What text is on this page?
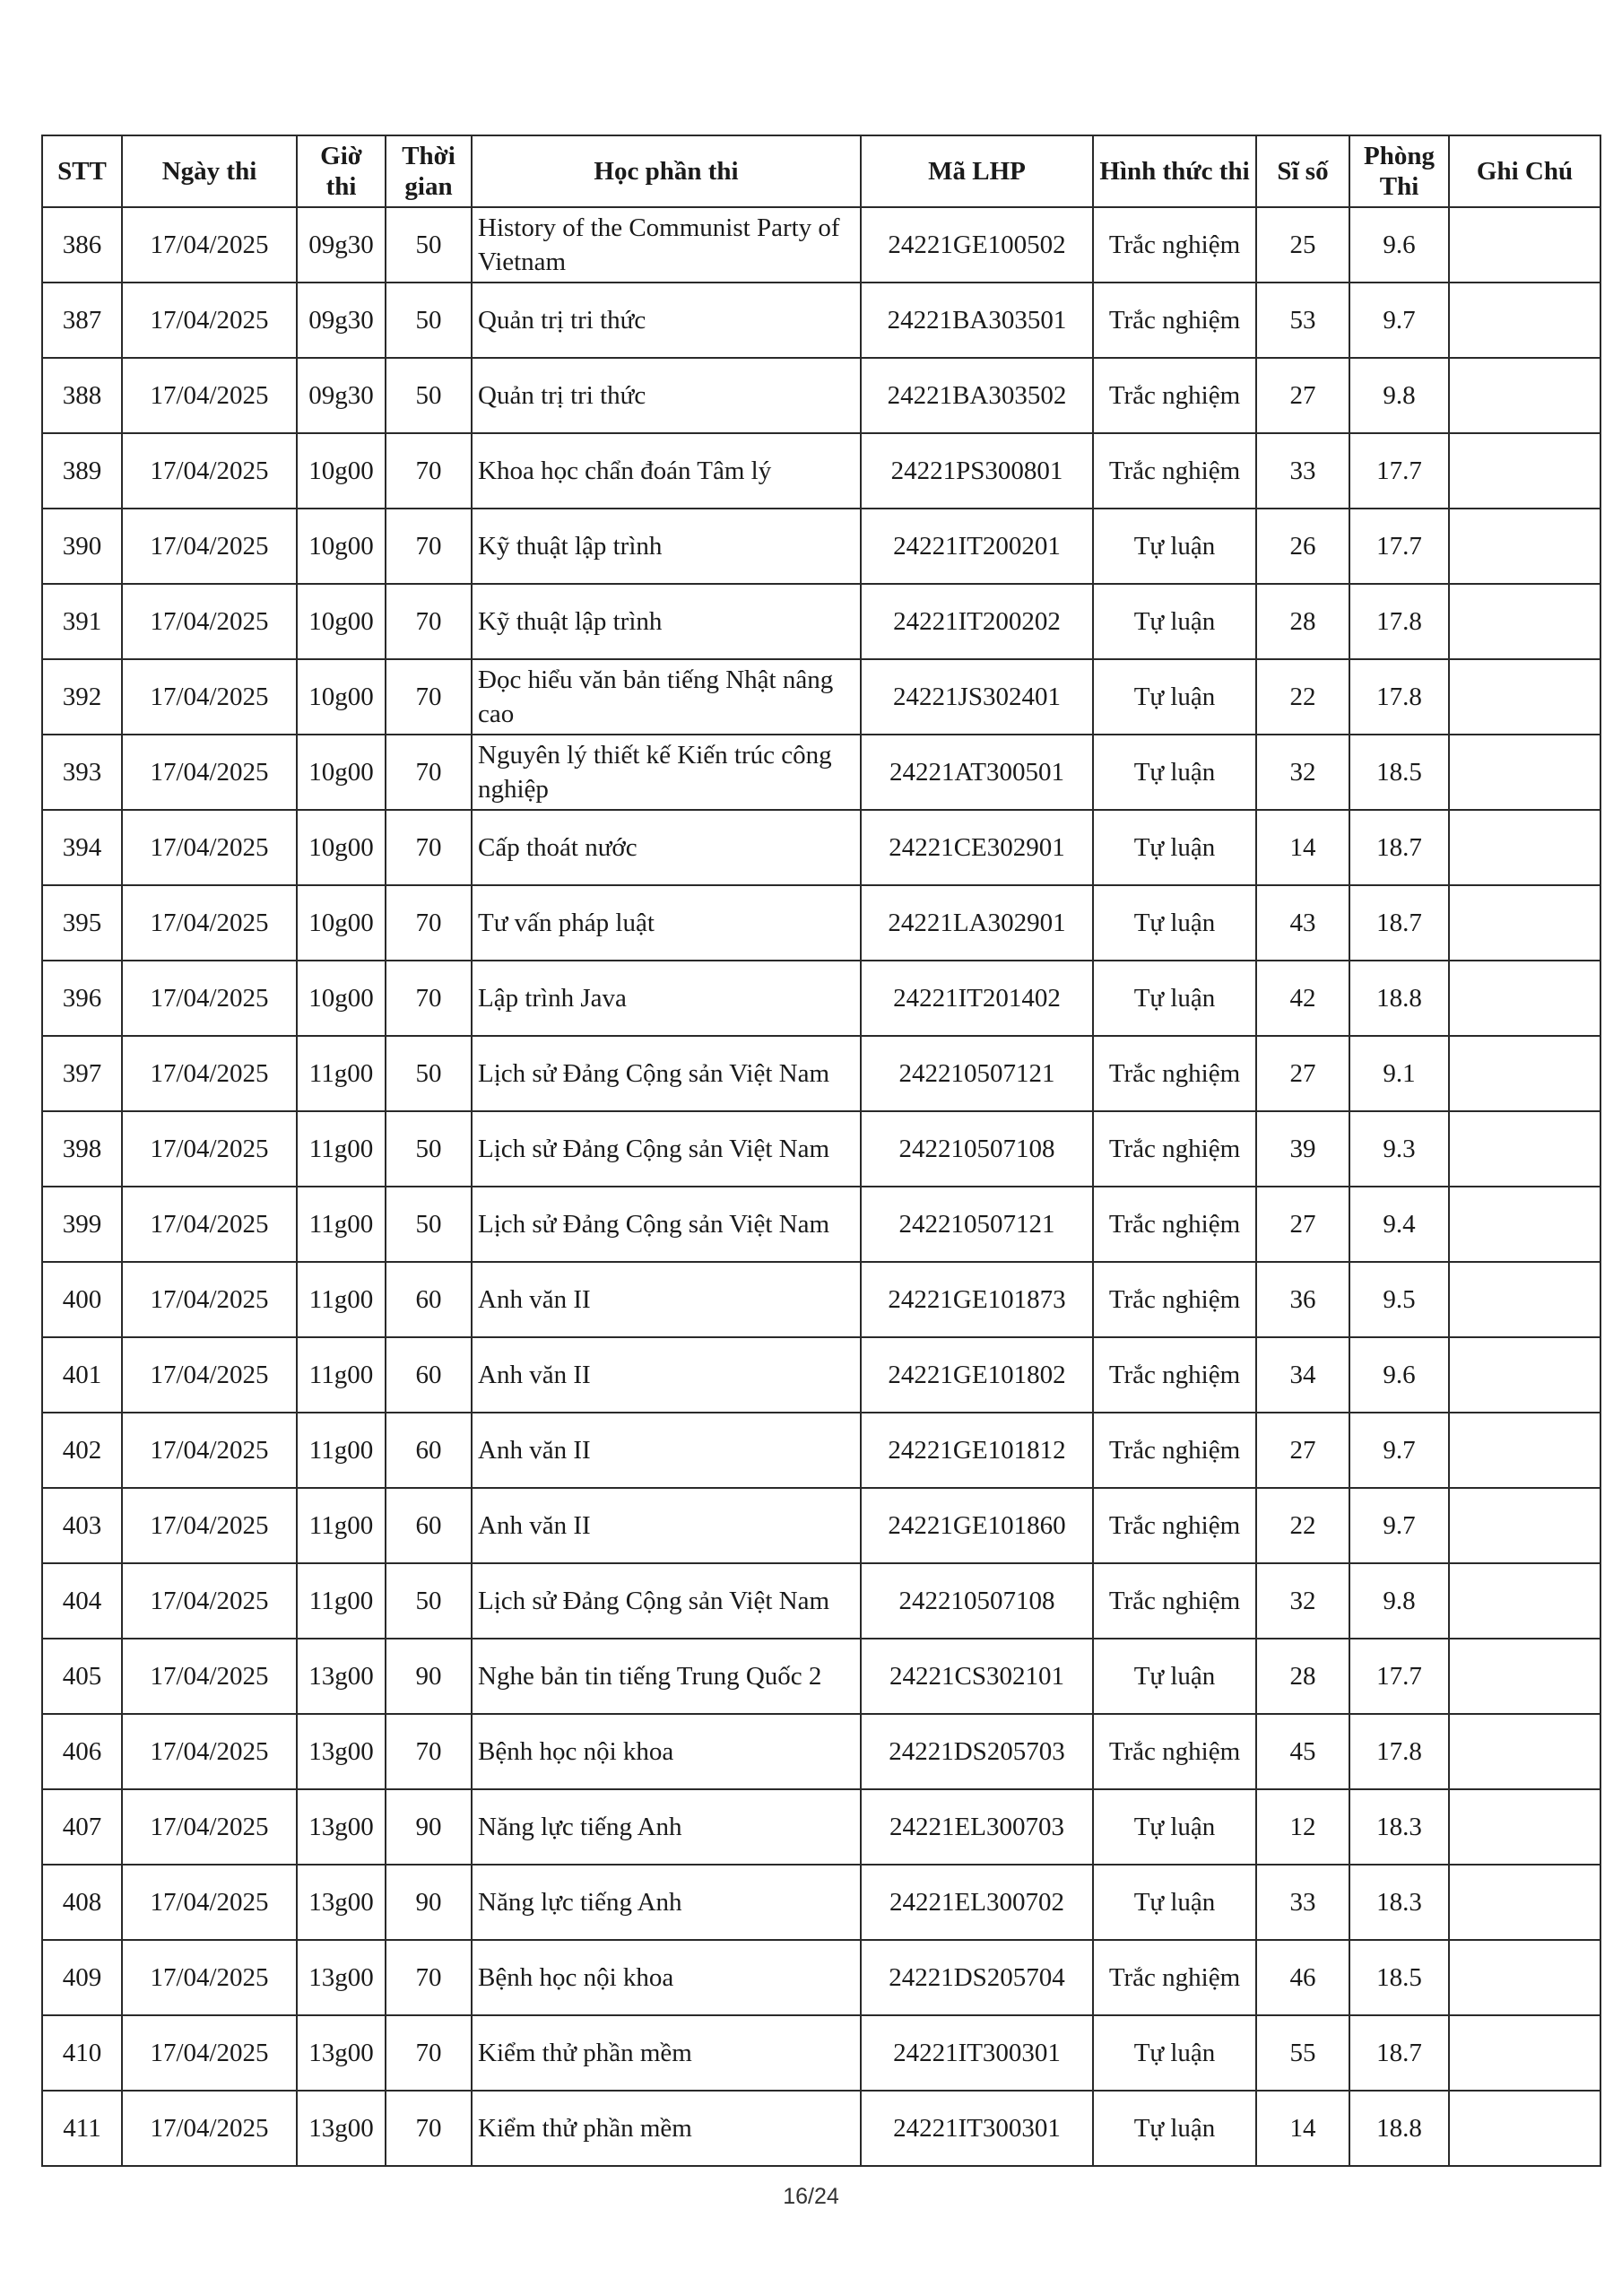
STT	Ngày thi	Giờ thi	Thời gian	Học phần thi	Mã LHP	Hình thức thi	Sĩ số	Phòng Thi	Ghi Chú
386	17/04/2025	09g30	50	History of the Communist Party of Vietnam	24221GE100502	Trắc nghiệm	25	9.6	
387	17/04/2025	09g30	50	Quản trị tri thức	24221BA303501	Trắc nghiệm	53	9.7	
388	17/04/2025	09g30	50	Quản trị tri thức	24221BA303502	Trắc nghiệm	27	9.8	
389	17/04/2025	10g00	70	Khoa học chẩn đoán Tâm lý	24221PS300801	Trắc nghiệm	33	17.7	
390	17/04/2025	10g00	70	Kỹ thuật lập trình	24221IT200201	Tự luận	26	17.7	
391	17/04/2025	10g00	70	Kỹ thuật lập trình	24221IT200202	Tự luận	28	17.8	
392	17/04/2025	10g00	70	Đọc hiểu văn bản tiếng Nhật nâng cao	24221JS302401	Tự luận	22	17.8	
393	17/04/2025	10g00	70	Nguyên lý thiết kế Kiến trúc công nghiệp	24221AT300501	Tự luận	32	18.5	
394	17/04/2025	10g00	70	Cấp thoát nước	24221CE302901	Tự luận	14	18.7	
395	17/04/2025	10g00	70	Tư vấn pháp luật	24221LA302901	Tự luận	43	18.7	
396	17/04/2025	10g00	70	Lập trình Java	24221IT201402	Tự luận	42	18.8	
397	17/04/2025	11g00	50	Lịch sử Đảng Cộng sản Việt Nam	242210507121	Trắc nghiệm	27	9.1	
398	17/04/2025	11g00	50	Lịch sử Đảng Cộng sản Việt Nam	242210507108	Trắc nghiệm	39	9.3	
399	17/04/2025	11g00	50	Lịch sử Đảng Cộng sản Việt Nam	242210507121	Trắc nghiệm	27	9.4	
400	17/04/2025	11g00	60	Anh văn II	24221GE101873	Trắc nghiệm	36	9.5	
401	17/04/2025	11g00	60	Anh văn II	24221GE101802	Trắc nghiệm	34	9.6	
402	17/04/2025	11g00	60	Anh văn II	24221GE101812	Trắc nghiệm	27	9.7	
403	17/04/2025	11g00	60	Anh văn II	24221GE101860	Trắc nghiệm	22	9.7	
404	17/04/2025	11g00	50	Lịch sử Đảng Cộng sản Việt Nam	242210507108	Trắc nghiệm	32	9.8	
405	17/04/2025	13g00	90	Nghe bản tin tiếng Trung Quốc 2	24221CS302101	Tự luận	28	17.7	
406	17/04/2025	13g00	70	Bệnh học nội khoa	24221DS205703	Trắc nghiệm	45	17.8	
407	17/04/2025	13g00	90	Năng lực tiếng Anh	24221EL300703	Tự luận	12	18.3	
408	17/04/2025	13g00	90	Năng lực tiếng Anh	24221EL300702	Tự luận	33	18.3	
409	17/04/2025	13g00	70	Bệnh học nội khoa	24221DS205704	Trắc nghiệm	46	18.5	
410	17/04/2025	13g00	70	Kiểm thử phần mềm	24221IT300301	Tự luận	55	18.7	
411	17/04/2025	13g00	70	Kiểm thử phần mềm	24221IT300301	Tự luận	14	18.8	
16/24
